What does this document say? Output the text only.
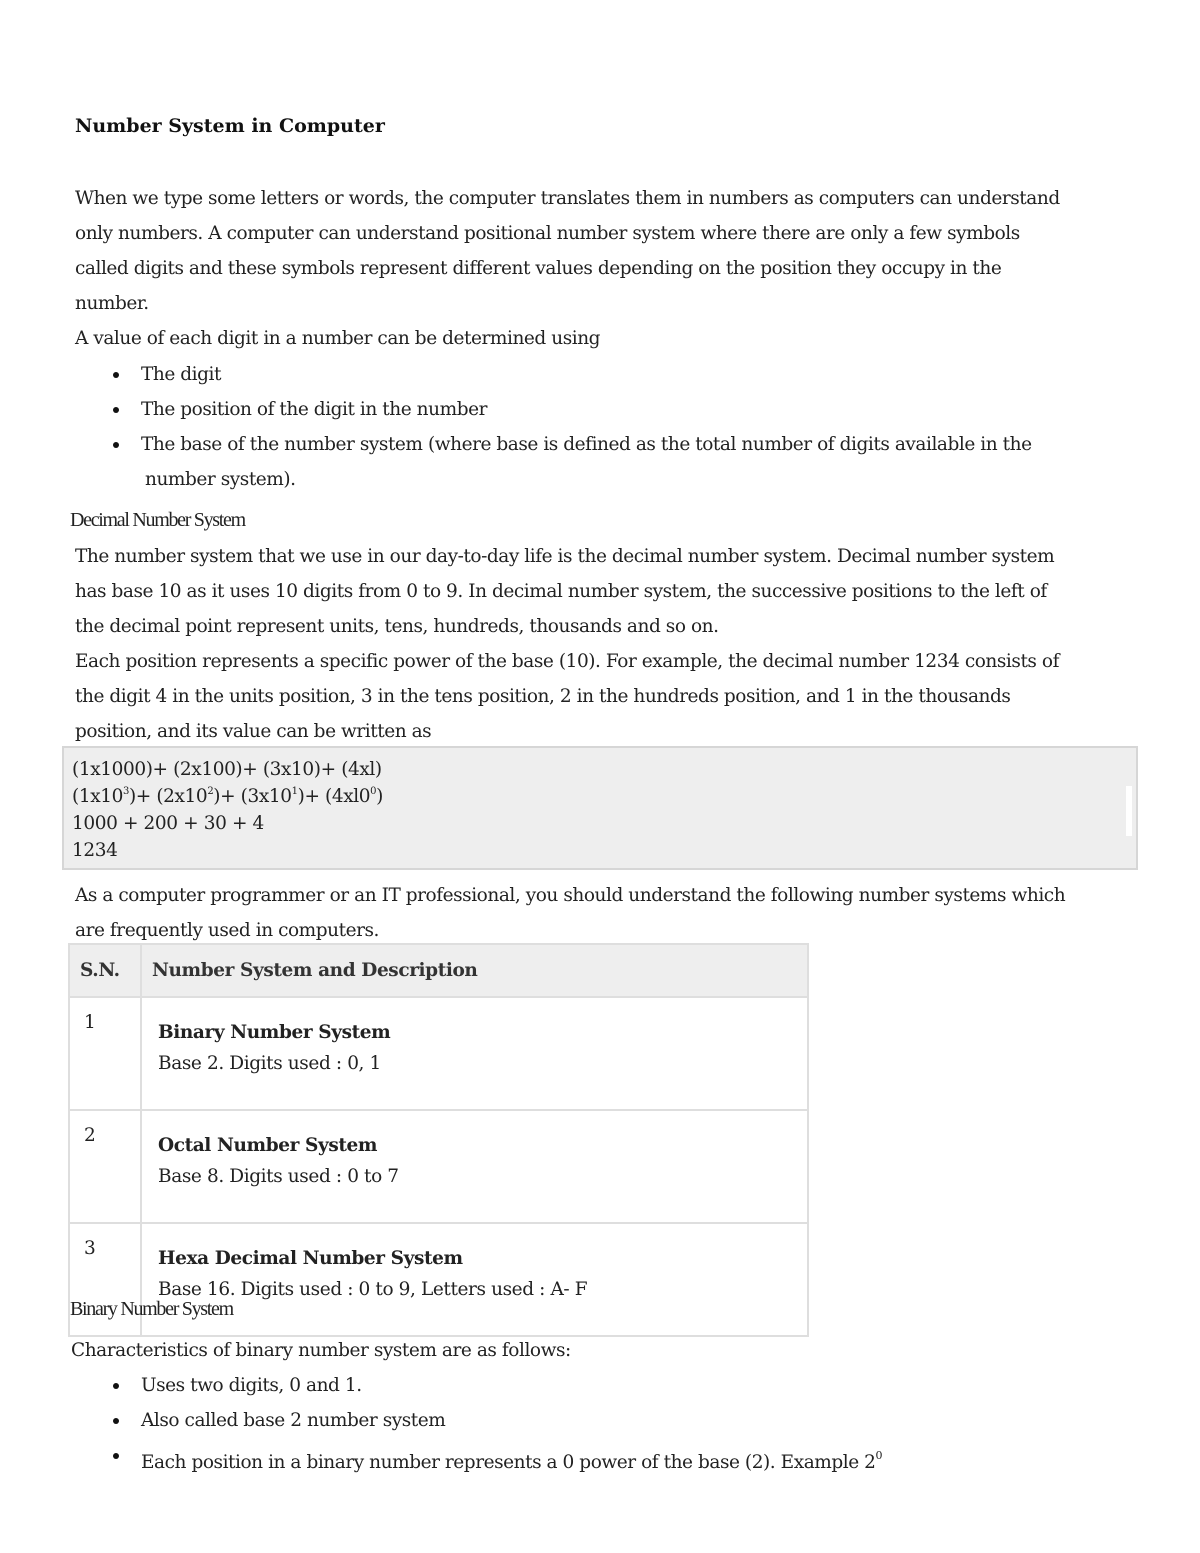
Number System in Computer

When we type some letters or words, the computer translates them in numbers as computers can understand
only numbers. A computer can understand positional number system where there are only a few symbols
called digits and these symbols represent different values depending on the position they occupy in the
number.
A value of each digit in a number can be determined using

The digit
The position of the digit in the number
The base of the number system (where base is defined as the total number of digits available in the
number system).
Decimal Number System

The number system that we use in our day-to-day life is the decimal number system. Decimal number system
has base 10 as it uses 10 digits from 0 to 9. In decimal number system, the successive positions to the left of
the decimal point represent units, tens, hundreds, thousands and so on.
Each position represents a specific power of the base (10). For example, the decimal number 1234 consists of
the digit 4 in the units position, 3 in the tens position, 2 in the hundreds position, and 1 in the thousands
position, and its value can be written as

(1x1000)+ (2x100)+ (3x10)+ (4xl)
$(1x10^3)+ (2x10^2)+ (3x10^1)+ (4xl0^0)$
1000 + 200 + 30 + 4
1234

As a computer programmer or an IT professional, you should understand the following number systems which
are frequently used in computers.

S.N.	Number System and Description
1	Binary Number System
Base 2. Digits used : 0, 1

2	Octal Number System
Base 8. Digits used : 0 to 7

3	Hexa Decimal Number System
Base 16. Digits used : 0 to 9, Letters used : A- F
Binary Number System

Characteristics of binary number system are as follows:

Uses two digits, 0 and 1.
Also called base 2 number system
Each position in a binary number represents a 0 power of the base (2). Example $2^0$
